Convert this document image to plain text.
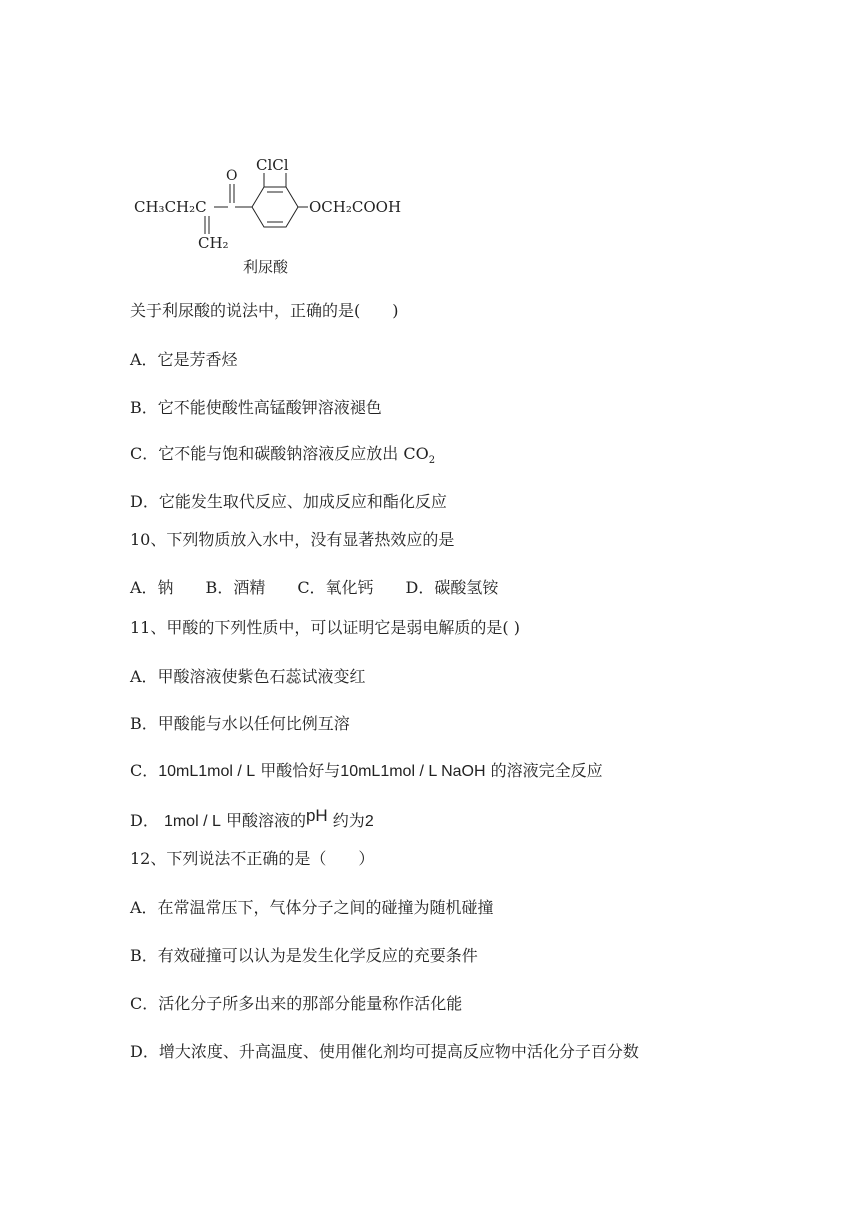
CH₃CH₂C
CH₂
O
ClCl
OCH₂COOH
利尿酸
关于利尿酸的说法中，正确的是(　　)
A．它是芳香烃
B．它不能使酸性高锰酸钾溶液褪色
C．它不能与饱和碳酸钠溶液反应放出 $CO_2$
D．它能发生取代反应、加成反应和酯化反应
10、下列物质放入水中，没有显著热效应的是
A．钠　　B．酒精　　C．氧化钙　　D．碳酸氢铵
11、甲酸的下列性质中，可以证明它是弱电解质的是( )
A．甲酸溶液使紫色石蕊试液变红
B．甲酸能与水以任何比例互溶
C．10mL1mol / L 甲酸恰好与10mL1mol / L NaOH 的溶液完全反应
D． 1mol / L 甲酸溶液的pH 约为2
12、下列说法不正确的是（　　）
A．在常温常压下，气体分子之间的碰撞为随机碰撞
B．有效碰撞可以认为是发生化学反应的充要条件
C．活化分子所多出来的那部分能量称作活化能
D．增大浓度、升高温度、使用催化剂均可提高反应物中活化分子百分数
